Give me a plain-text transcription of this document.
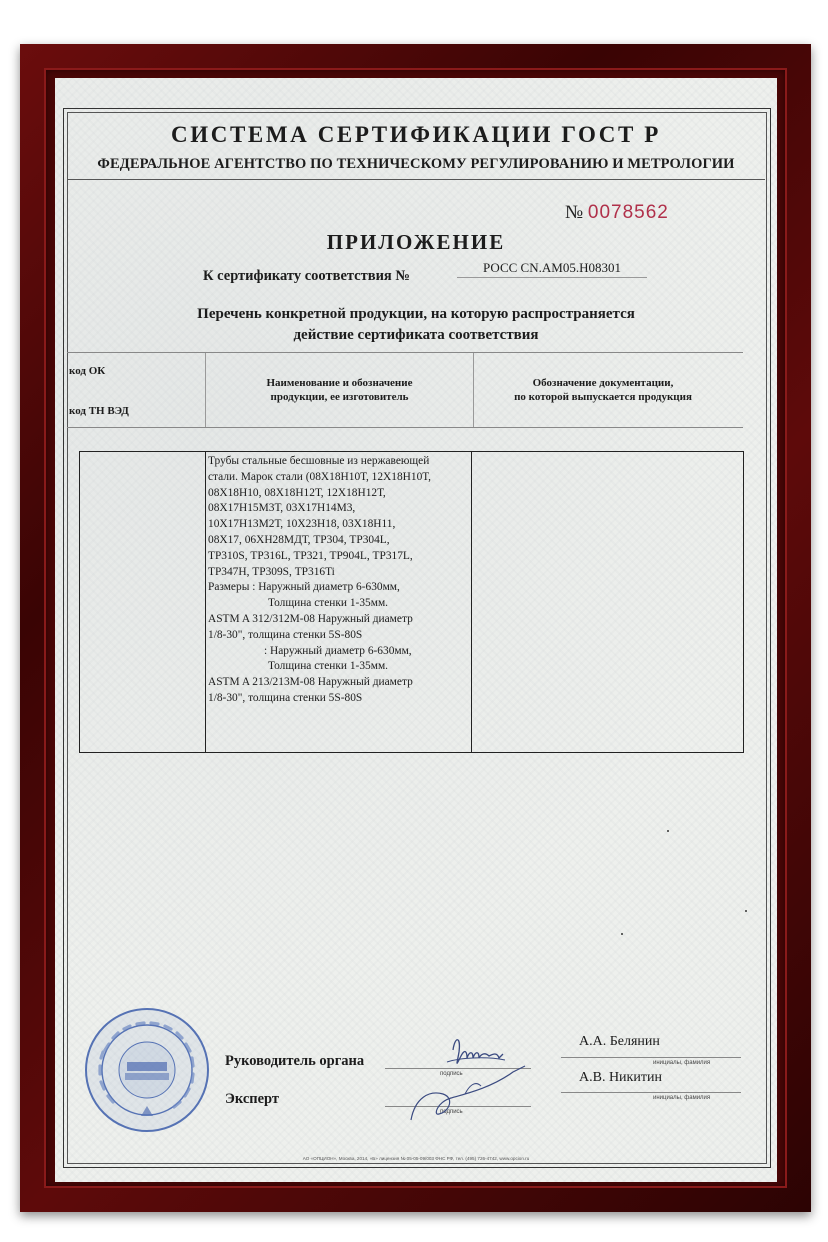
СИСТЕМА СЕРТИФИКАЦИИ ГОСТ Р
ФЕДЕРАЛЬНОЕ АГЕНТСТВО ПО ТЕХНИЧЕСКОМУ РЕГУЛИРОВАНИЮ И МЕТРОЛОГИИ
№ 0078562
ПРИЛОЖЕНИЕ
К сертификату соответствия №
РОСС CN.АМ05.Н08301
Перечень конкретной продукции, на которую распространяется
действие сертификата соответствия
код ОК
код ТН ВЭД
Наименование и обозначение
продукции, ее изготовитель
Обозначение документации,
по которой выпускается продукция
Трубы стальные бесшовные из нержавеющей
стали. Марок стали (08Х18Н10Т, 12Х18Н10Т,
08Х18Н10, 08Х18Н12Т, 12Х18Н12Т,
08Х17Н15М3Т, 03Х17Н14М3,
10Х17Н13М2Т, 10Х23Н18, 03Х18Н11,
08Х17, 06ХН28МДТ, ТР304, ТР304L,
ТР310S, ТР316L, ТР321, ТР904L, ТР317L,
ТР347Н, ТР309S, ТР316Ti
Размеры : Наружный диаметр 6-630мм,
Толщина стенки 1-35мм.
ASTM A 312/312M-08 Наружный диаметр
1/8-30", толщина стенки 5S-80S
: Наружный диаметр 6-630мм,
Толщина стенки 1-35мм.
ASTM A 213/213M-08 Наружный диаметр
1/8-30", толщина стенки 5S-80S
Руководитель органа
Эксперт
подпись
подпись
А.А. Белянин
инициалы, фамилия
А.В. Никитин
инициалы, фамилия
АО «ОПЦИОН», Москва, 2014, «Б» лицензия № 05-05-09/003 ФНС РФ, тел. (495) 726-4742, www.opcion.ru
